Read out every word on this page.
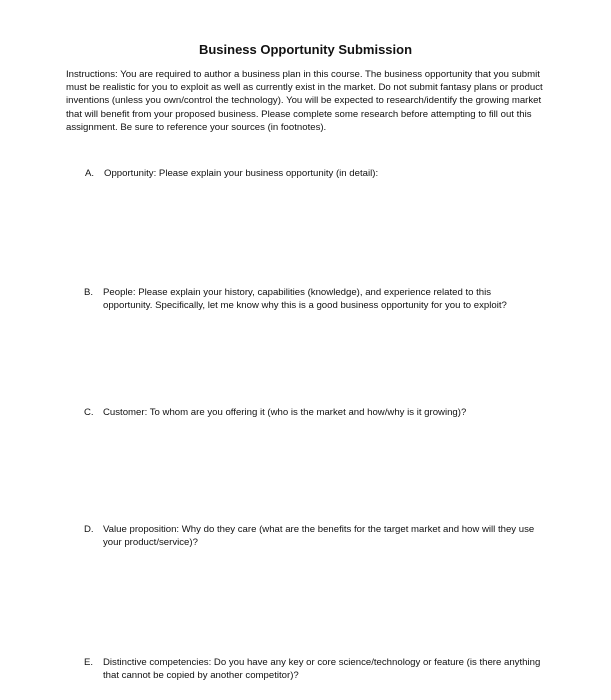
Business Opportunity Submission
Instructions: You are required to author a business plan in this course. The business opportunity that you submit must be realistic for you to exploit as well as currently exist in the market. Do not submit fantasy plans or product inventions (unless you own/control the technology). You will be expected to research/identify the growing market that will benefit from your proposed business. Please complete some research before attempting to fill out this assignment. Be sure to reference your sources (in footnotes).
A. Opportunity: Please explain your business opportunity (in detail):
B. People: Please explain your history, capabilities (knowledge), and experience related to this opportunity. Specifically, let me know why this is a good business opportunity for you to exploit?
C. Customer: To whom are you offering it (who is the market and how/why is it growing)?
D. Value proposition: Why do they care (what are the benefits for the target market and how will they use your product/service)?
E. Distinctive competencies: Do you have any key or core science/technology or feature (is there anything that cannot be copied by another competitor)?
